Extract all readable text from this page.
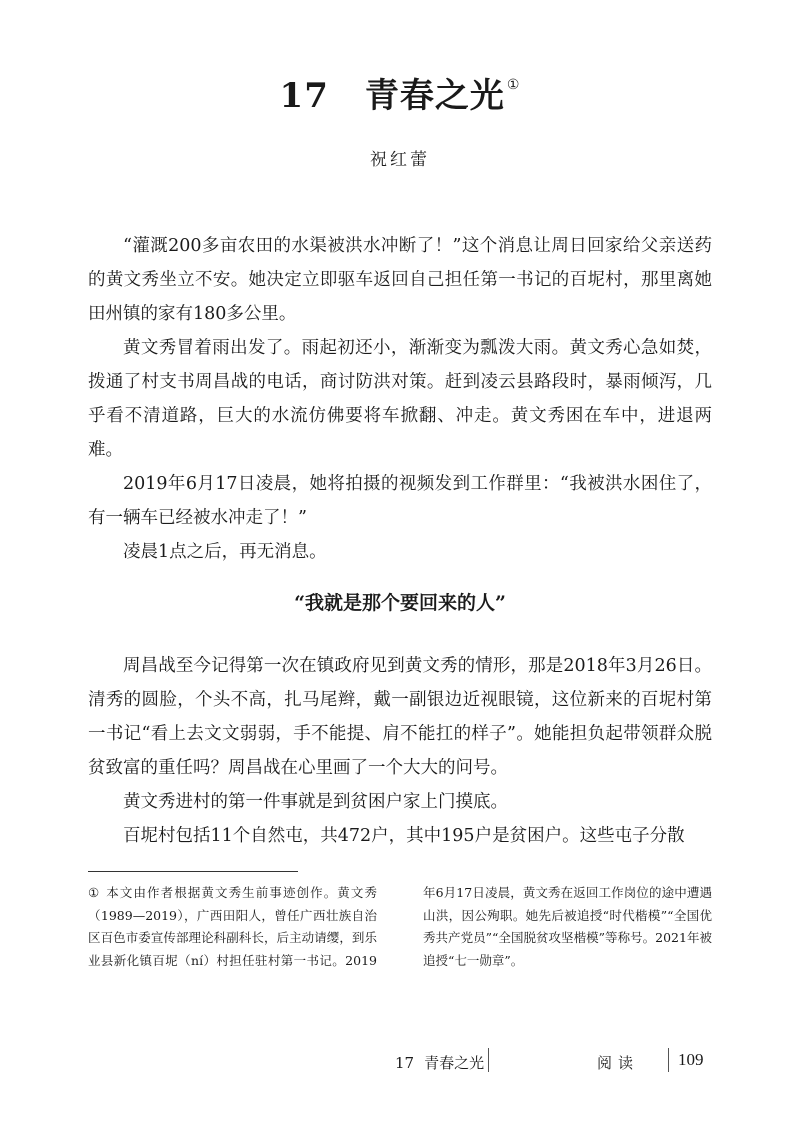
17 青春之光 ①
祝红蕾

“灌溉200多亩农田的水渠被洪水冲断了！”这个消息让周日回家给父亲送药的黄文秀坐立不安。她决定立即驱车返回自己担任第一书记的百坭村，那里离她田州镇的家有180多公里。

黄文秀冒着雨出发了。雨起初还小，渐渐变为瓢泼大雨。黄文秀心急如焚，拨通了村支书周昌战的电话，商讨防洪对策。赶到凌云县路段时，暴雨倾泻，几乎看不清道路，巨大的水流仿佛要将车掀翻、冲走。黄文秀困在车中，进退两难。

2019年6月17日凌晨，她将拍摄的视频发到工作群里：“我被洪水困住了，有一辆车已经被水冲走了！”

凌晨1点之后，再无消息。

“我就是那个要回来的人”

周昌战至今记得第一次在镇政府见到黄文秀的情形，那是2018年3月26日。清秀的圆脸，个头不高，扎马尾辫，戴一副银边近视眼镜，这位新来的百坭村第一书记“看上去文文弱弱，手不能提、肩不能扛的样子”。她能担负起带领群众脱贫致富的重任吗？周昌战在心里画了一个大大的问号。

黄文秀进村的第一件事就是到贫困户家上门摸底。

百坭村包括11个自然屯，共472户，其中195户是贫困户。这些屯子分散

① 本文由作者根据黄文秀生前事迹创作。黄文秀（1989—2019），广西田阳人，曾任广西壮族自治区百色市委宣传部理论科副科长，后主动请缨，到乐业县新化镇百坭（ní）村担任驻村第一书记。2019年6月17日凌晨，黄文秀在返回工作岗位的途中遭遇山洪，因公殉职。她先后被追授“时代楷模”“全国优秀共产党员”“全国脱贫攻坚楷模”等称号。2021年被追授“七一勋章”。
17 青春之光	阅读 109
